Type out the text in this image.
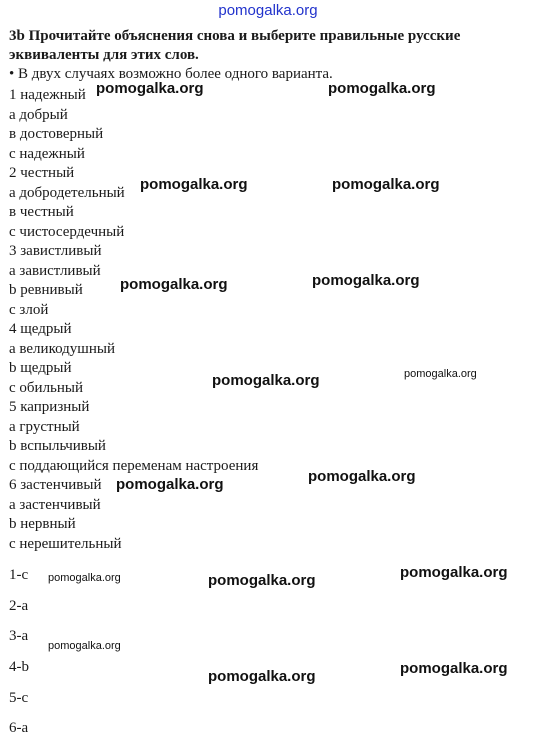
pomogalka.org
3b Прочитайте объяснения снова и выберите правильные русские эквиваленты для этих слов.
• В двух случаях возможно более одного варианта.
1 надежный
a добрый
в достоверный
c надежный
2 честный
a добродетельный
в честный
c чистосердечный
3 завистливый
a завистливый
b ревнивый
c злой
4 щедрый
a великодушный
b щедрый
c обильный
5 капризный
a грустный
b вспыльчивый
c поддающийся переменам настроения
6 застенчивый
a застенчивый
b нервный
c нерешительный
1-c
2-a
3-a
4-b
5-c
6-a
pomogalka.org	pomogalka.org
pomogalka.org	pomogalka.org
pomogalka.org
pomogalka.org
pomogalka.org	pomogalka.org
pomogalka.org
pomogalka.org
pomogalka.org	pomogalka.org	pomogalka.org
pomogalka.org
pomogalka.org	pomogalka.org
